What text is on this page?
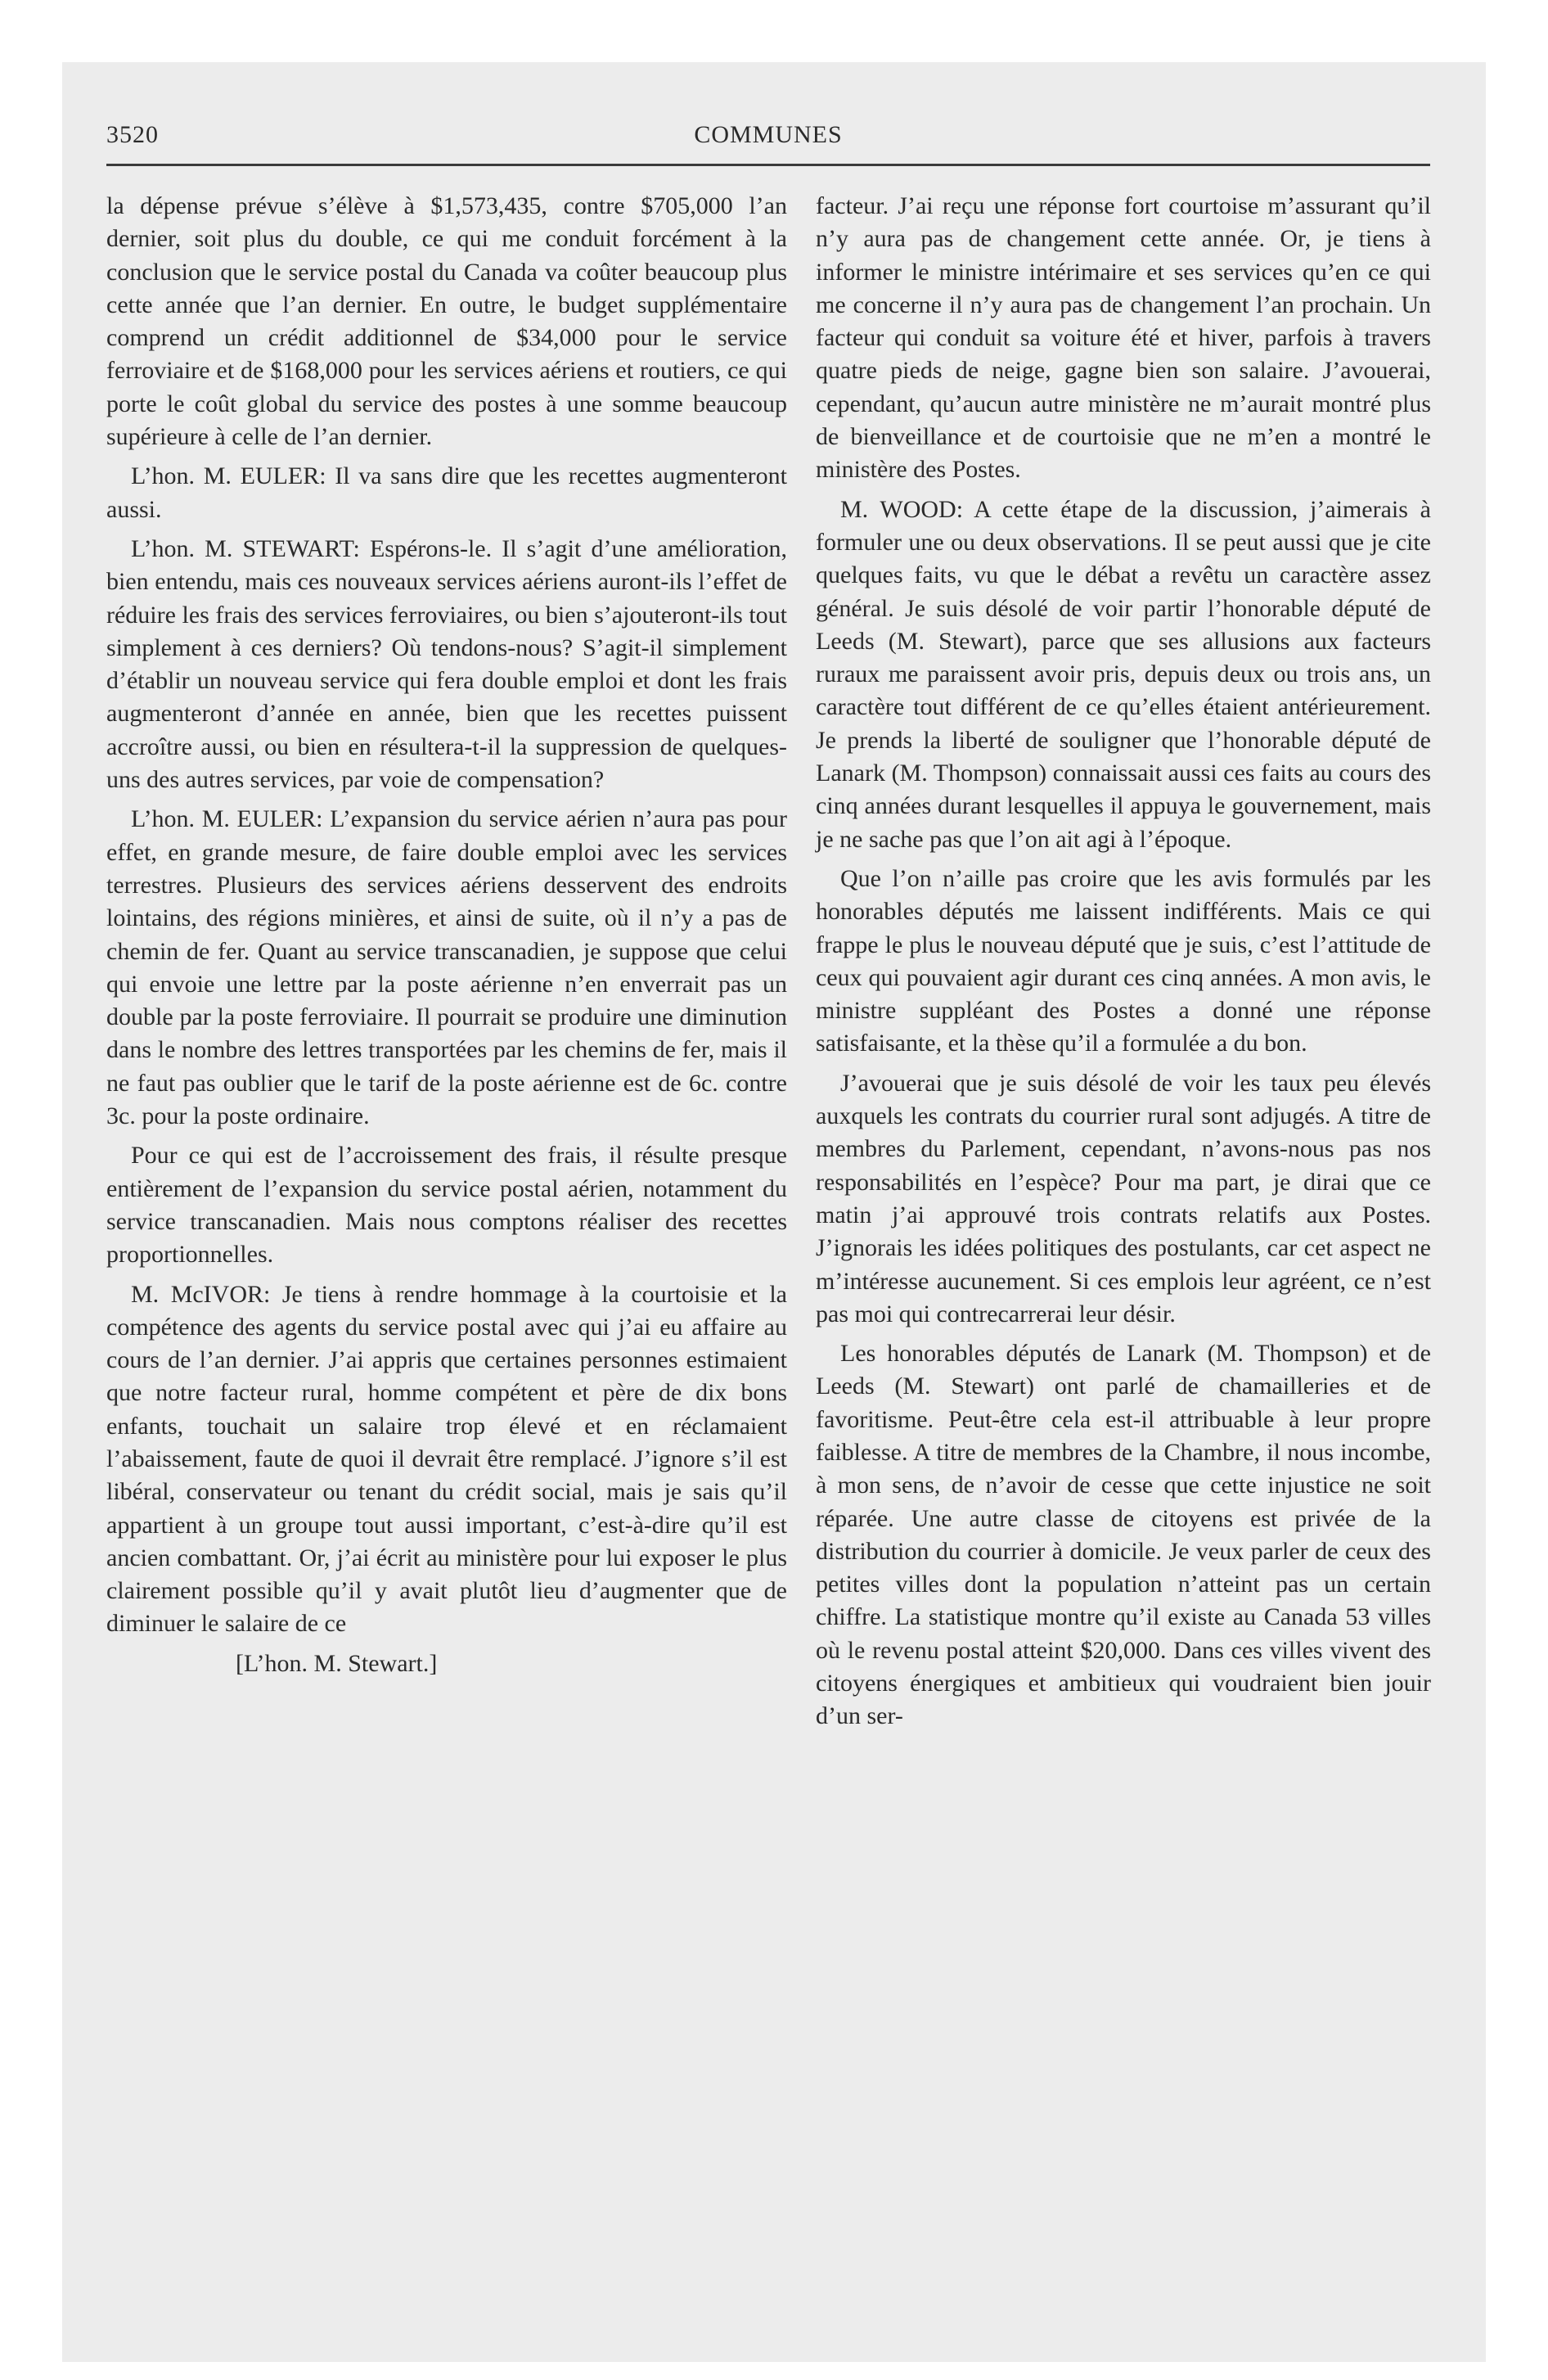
3520	COMMUNES

la dépense prévue s’élève à $1,573,435, contre $705,000 l’an dernier, soit plus du double, ce qui me conduit forcément à la conclusion que le service postal du Canada va coûter beaucoup plus cette année que l’an dernier. En outre, le budget supplémentaire comprend un crédit additionnel de $34,000 pour le service ferroviaire et de $168,000 pour les services aériens et routiers, ce qui porte le coût global du service des postes à une somme beaucoup supérieure à celle de l’an dernier.

L’hon. M. EULER: Il va sans dire que les recettes augmenteront aussi.

L’hon. M. STEWART: Espérons-le. Il s’agit d’une amélioration, bien entendu, mais ces nouveaux services aériens auront-ils l’effet de réduire les frais des services ferroviaires, ou bien s’ajouteront-ils tout simplement à ces derniers? Où tendons-nous? S’agit-il simplement d’établir un nouveau service qui fera double emploi et dont les frais augmenteront d’année en année, bien que les recettes puissent accroître aussi, ou bien en résultera-t-il la suppression de quelques-uns des autres services, par voie de compensation?

L’hon. M. EULER: L’expansion du service aérien n’aura pas pour effet, en grande mesure, de faire double emploi avec les services terrestres. Plusieurs des services aériens desservent des endroits lointains, des régions minières, et ainsi de suite, où il n’y a pas de chemin de fer. Quant au service transcanadien, je suppose que celui qui envoie une lettre par la poste aérienne n’en enverrait pas un double par la poste ferroviaire. Il pourrait se produire une diminution dans le nombre des lettres transportées par les chemins de fer, mais il ne faut pas oublier que le tarif de la poste aérienne est de 6c. contre 3c. pour la poste ordinaire.

Pour ce qui est de l’accroissement des frais, il résulte presque entièrement de l’expansion du service postal aérien, notamment du service transcanadien. Mais nous comptons réaliser des recettes proportionnelles.

M. McIVOR: Je tiens à rendre hommage à la courtoisie et la compétence des agents du service postal avec qui j’ai eu affaire au cours de l’an dernier. J’ai appris que certaines personnes estimaient que notre facteur rural, homme compétent et père de dix bons enfants, touchait un salaire trop élevé et en réclamaient l’abaissement, faute de quoi il devrait être remplacé. J’ignore s’il est libéral, conservateur ou tenant du crédit social, mais je sais qu’il appartient à un groupe tout aussi important, c’est-à-dire qu’il est ancien combattant. Or, j’ai écrit au ministère pour lui exposer le plus clairement possible qu’il y avait plutôt lieu d’augmenter que de diminuer le salaire de ce

[L’hon. M. Stewart.]

facteur. J’ai reçu une réponse fort courtoise m’assurant qu’il n’y aura pas de changement cette année. Or, je tiens à informer le ministre intérimaire et ses services qu’en ce qui me concerne il n’y aura pas de changement l’an prochain. Un facteur qui conduit sa voiture été et hiver, parfois à travers quatre pieds de neige, gagne bien son salaire. J’avouerai, cependant, qu’aucun autre ministère ne m’aurait montré plus de bienveillance et de courtoisie que ne m’en a montré le ministère des Postes.

M. WOOD: A cette étape de la discussion, j’aimerais à formuler une ou deux observations. Il se peut aussi que je cite quelques faits, vu que le débat a revêtu un caractère assez général. Je suis désolé de voir partir l’honorable député de Leeds (M. Stewart), parce que ses allusions aux facteurs ruraux me paraissent avoir pris, depuis deux ou trois ans, un caractère tout différent de ce qu’elles étaient antérieurement. Je prends la liberté de souligner que l’honorable député de Lanark (M. Thompson) connaissait aussi ces faits au cours des cinq années durant lesquelles il appuya le gouvernement, mais je ne sache pas que l’on ait agi à l’époque.

Que l’on n’aille pas croire que les avis formulés par les honorables députés me laissent indifférents. Mais ce qui frappe le plus le nouveau député que je suis, c’est l’attitude de ceux qui pouvaient agir durant ces cinq années. A mon avis, le ministre suppléant des Postes a donné une réponse satisfaisante, et la thèse qu’il a formulée a du bon.

J’avouerai que je suis désolé de voir les taux peu élevés auxquels les contrats du courrier rural sont adjugés. A titre de membres du Parlement, cependant, n’avons-nous pas nos responsabilités en l’espèce? Pour ma part, je dirai que ce matin j’ai approuvé trois contrats relatifs aux Postes. J’ignorais les idées politiques des postulants, car cet aspect ne m’intéresse aucunement. Si ces emplois leur agréent, ce n’est pas moi qui contrecarrerai leur désir.

Les honorables députés de Lanark (M. Thompson) et de Leeds (M. Stewart) ont parlé de chamailleries et de favoritisme. Peut-être cela est-il attribuable à leur propre faiblesse. A titre de membres de la Chambre, il nous incombe, à mon sens, de n’avoir de cesse que cette injustice ne soit réparée. Une autre classe de citoyens est privée de la distribution du courrier à domicile. Je veux parler de ceux des petites villes dont la population n’atteint pas un certain chiffre. La statistique montre qu’il existe au Canada 53 villes où le revenu postal atteint $20,000. Dans ces villes vivent des citoyens énergiques et ambitieux qui voudraient bien jouir d’un ser-
